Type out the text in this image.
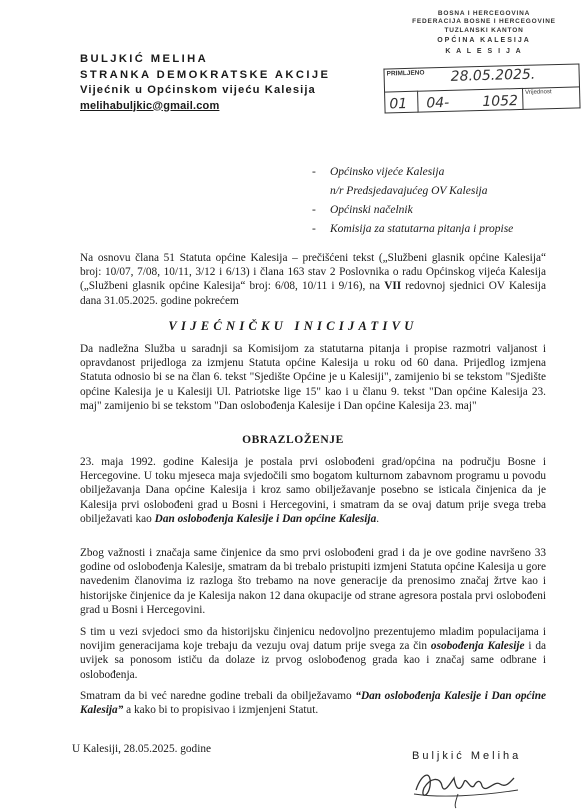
BULJKIĆ MELIHA
STRANKA DEMOKRATSKE AKCIJE
Vijećnik u Općinskom vijeću Kalesija
melihabuljkic@gmail.com
BOSNA I HERCEGOVINA
FEDERACIJA BOSNE I HERCEGOVINE
TUZLANSKI KANTON
OPĆINA KALESIJA
K A L E S I J A
PRIMLJENO 28.05.2025.

01	04- 1052
	Vrijednost
- Općinsko vijeće Kalesija
n/r Predsjedavajućeg OV Kalesija
- Općinski načelnik
- Komisija za statutarna pitanja i propise
Na osnovu člana 51 Statuta općine Kalesija – prečišćeni tekst („Službeni glasnik općine Kalesija“ broj: 10/07, 7/08, 10/11, 3/12 i 6/13) i člana 163 stav 2 Poslovnika o radu Općinskog vijeća Kalesija („Službeni glasnik općine Kalesija“ broj: 6/08, 10/11 i 9/16), na VII redovnoj sjednici OV Kalesija dana 31.05.2025. godine pokrećem
VIJEĆNIČKU INICIJATIVU
Da nadležna Služba u saradnji sa Komisijom za statutarna pitanja i propise razmotri valjanost i opravdanost prijedloga za izmjenu Statuta općine Kalesija u roku od 60 dana. Prijedlog izmjena Statuta odnosio bi se na član 6. tekst "Sjedište Općine je u Kalesiji", zamijenio bi se tekstom "Sjedište općine Kalesija je u Kalesiji Ul. Patriotske lige 15" kao i u članu 9. tekst "Dan općine Kalesija 23. maj" zamijenio bi se tekstom "Dan oslobođenja Kalesije i Dan općine Kalesija 23. maj"
OBRAZLOŽENJE
23. maja 1992. godine Kalesija je postala prvi oslobođeni grad/općina na području Bosne i Hercegovine. U toku mjeseca maja svjedočili smo bogatom kulturnom zabavnom programu u povodu obilježavanja Dana općine Kalesija i kroz samo obilježavanje posebno se isticala činjenica da je Kalesija prvi oslobođeni grad u Bosni i Hercegovini, i smatram da se ovaj datum prije svega treba obilježavati kao Dan oslobođenja Kalesije i Dan općine Kalesija.
Zbog važnosti i značaja same činjenice da smo prvi oslobođeni grad i da je ove godine navršeno 33 godine od oslobođenja Kalesije, smatram da bi trebalo pristupiti izmjeni Statuta općine Kalesija u gore navedenim članovima iz razloga što trebamo na nove generacije da prenosimo značaj žrtve kao i historijske činjenice da je Kalesija nakon 12 dana okupacije od strane agresora postala prvi oslobođeni grad u Bosni i Hercegovini.
S tim u vezi svjedoci smo da historijsku činjenicu nedovoljno prezentujemo mladim populacijama i novijim generacijama koje trebaju da vezuju ovaj datum prije svega za čin osobođenja Kalesije i da uvijek sa ponosom ističu da dolaze iz prvog oslobođenog grada kao i značaj same odbrane i oslobođenja.
Smatram da bi već naredne godine trebali da obilježavamo “Dan oslobođenja Kalesije i Dan općine Kalesija” a kako bi to propisivao i izmjenjeni Statut.
U Kalesiji, 28.05.2025. godine
Buljkić Meliha
